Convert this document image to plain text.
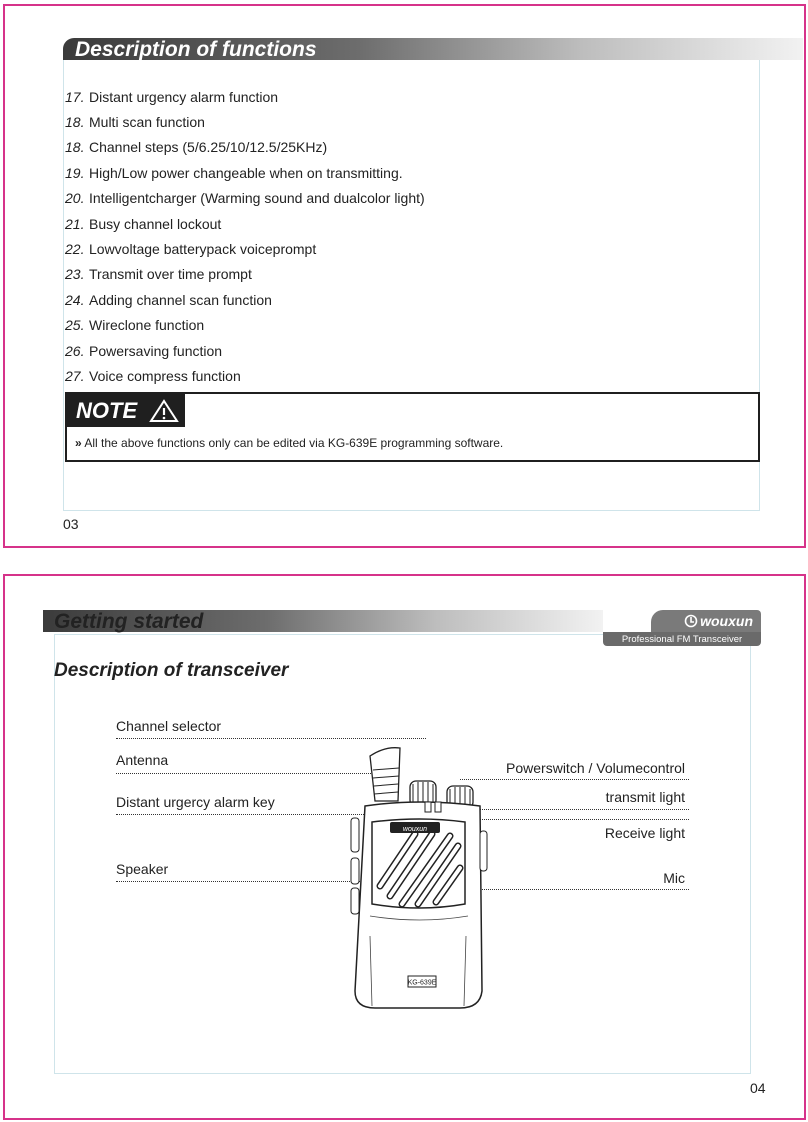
Description of functions
17. Distant urgency alarm function
18. Multi scan function
18. Channel steps (5/6.25/10/12.5/25KHz)
19. High/Low power changeable when on transmitting.
20. Intelligentcharger (Warming sound and dualcolor light)
21. Busy channel lockout
22. Lowvoltage batterypack voiceprompt
23. Transmit over time prompt
24. Adding channel scan function
25. Wireclone function
26. Powersaving function
27. Voice compress function
NOTE
» All the above functions only can be edited via KG-639E programming software.
03
Getting started	wouxun
Professional FM Transceiver
Description of transceiver
Channel selector
Antenna
Distant urgercy alarm key
Speaker
Powerswitch / Volumecontrol
transmit light
Receive light
Mic
wouxun
KG-639E
04
